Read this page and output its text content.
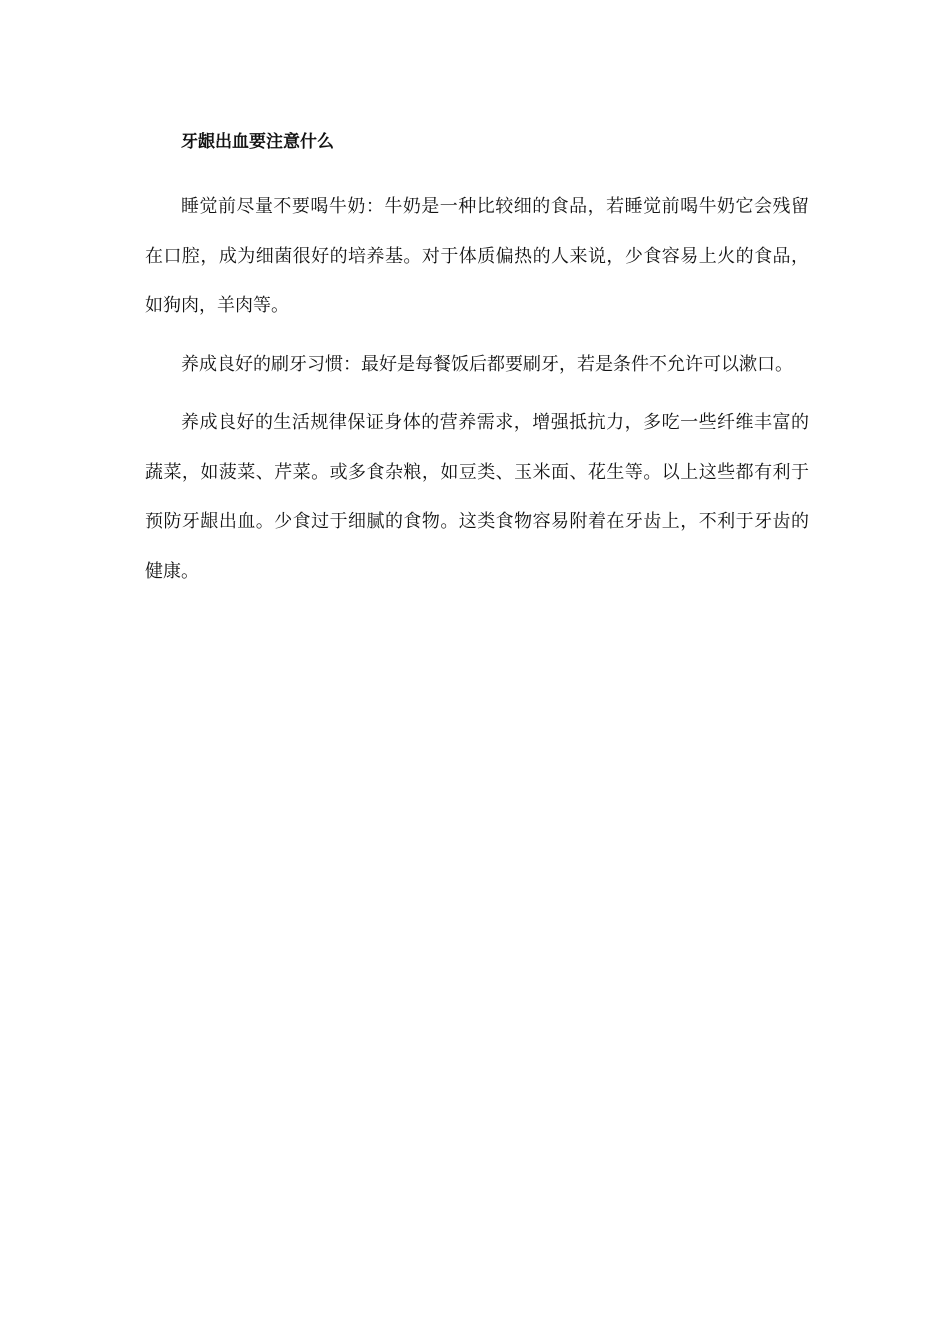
牙龈出血要注意什么

睡觉前尽量不要喝牛奶：牛奶是一种比较细的食品，若睡觉前喝牛奶它会残留在口腔，成为细菌很好的培养基。对于体质偏热的人来说，少食容易上火的食品，如狗肉，羊肉等。

养成良好的刷牙习惯：最好是每餐饭后都要刷牙，若是条件不允许可以漱口。

养成良好的生活规律保证身体的营养需求，增强抵抗力，多吃一些纤维丰富的蔬菜，如菠菜、芹菜。或多食杂粮，如豆类、玉米面、花生等。以上这些都有利于预防牙龈出血。少食过于细腻的食物。这类食物容易附着在牙齿上，不利于牙齿的健康。
